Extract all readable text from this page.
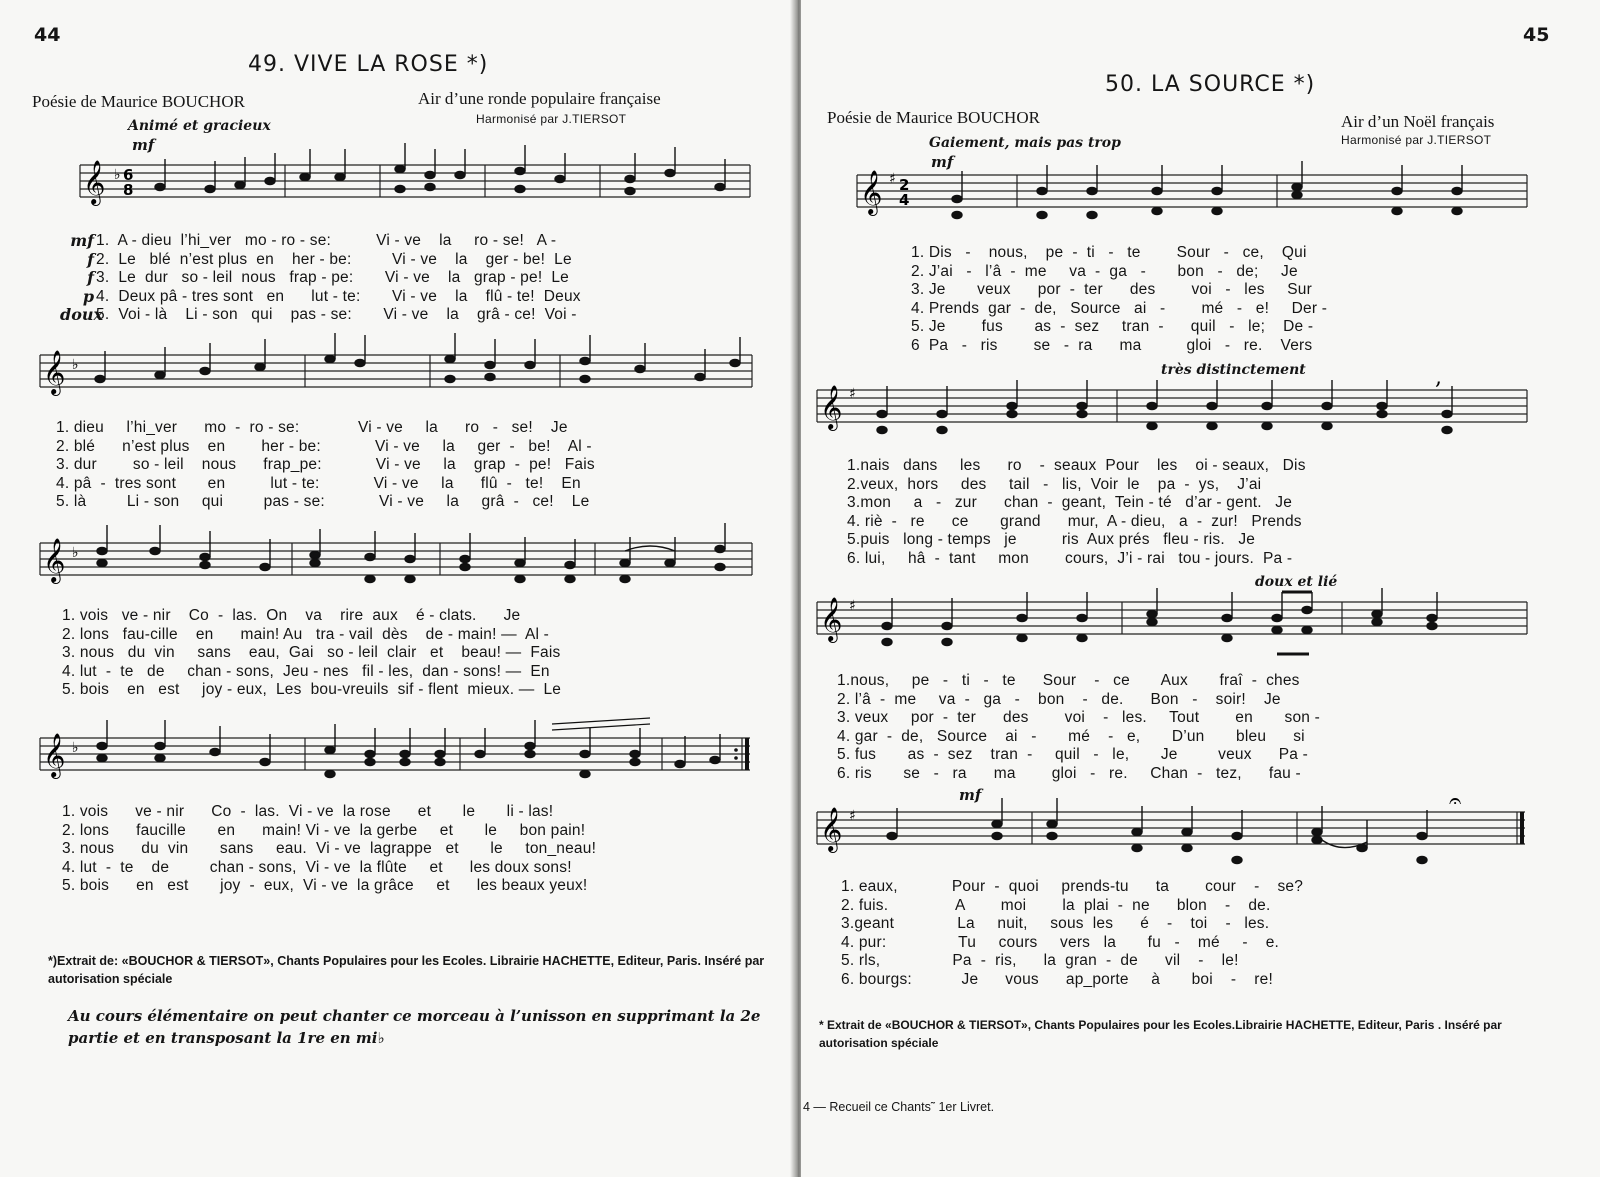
44
49. VIVE LA ROSE *)
Poésie de Maurice BOUCHOR	Air d’une ronde populaire française
Harmonisé par J.TIERSOT
Animé et gracieux
mf
𝄞 ♭ 6
8
mf
f
f
p
doux
1.  A - dieu  l’hi_ver   mo - ro - se:          Vi - ve    la     ro - se!   A -
2.  Le   blé  n’est plus  en    her - be:         Vi - ve    la    ger - be!  Le
3.  Le  dur   so - leil  nous   frap - pe:       Vi - ve    la   grap - pe!  Le
4.  Deux pâ - tres sont   en      lut - te:       Vi - ve    la    flû - te!  Deux
5.  Voi - là    Li - son   qui    pas - se:       Vi - ve    la    grâ - ce!  Voi -
𝄞 ♭
1. dieu     l’hi_ver      mo  -  ro - se:             Vi - ve     la      ro   -   se!    Je
2. blé      n’est plus    en        her - be:            Vi - ve     la     ger  -   be!    Al -
3. dur        so - leil    nous      frap_pe:            Vi - ve     la    grap  -  pe!   Fais
4. pâ  -  tres sont       en          lut - te:            Vi - ve     la      flû  -   te!    En
5. là         Li - son     qui         pas - se:            Vi - ve     la     grâ  -   ce!    Le
𝄞 ♭
1. vois   ve - nir    Co  -  las.  On    va    rire  aux    é - clats.      Je
2. lons   fau-cille    en      main! Au   tra - vail  dès    de - main! —  Al -
3. nous   du  vin     sans    eau,  Gai   so - leil  clair   et    beau! —  Fais
4. lut  -  te   de     chan - sons,  Jeu - nes   fil - les,  dan - sons! —  En
5. bois    en   est     joy - eux,  Les  bou-vreuils  sif - flent  mieux. —  Le
𝄞 ♭
1. vois      ve - nir      Co  -  las.  Vi - ve  la rose      et       le       li - las!
2. lons      faucille       en      main! Vi - ve  la gerbe     et       le     bon pain!
3. nous      du  vin       sans     eau.  Vi - ve  lagrappe   et       le     ton_neau!
4. lut  -  te    de         chan - sons,  Vi - ve  la flûte     et      les doux sons!
5. bois      en   est       joy  -  eux,  Vi - ve  la grâce     et      les beaux yeux!
*)Extrait de: «BOUCHOR & TIERSOT», Chants Populaires pour les Ecoles. Librairie HACHETTE, Editeur, Paris. Inséré par autorisation spéciale
Au cours élémentaire on peut chanter ce morceau à l’unisson en supprimant la 2e partie et en transposant la 1re en mi♭
45
50. LA SOURCE *)
Poésie de Maurice BOUCHOR	Air d’un Noël français
Harmonisé par J.TIERSOT
Gaiement, mais pas trop
mf
𝄞 ♯ 2
4
1. Dis   -    nous,    pe  -  ti   -   te        Sour   -   ce,    Qui
2. J’ai   -   l’â  -  me     va  -  ga   -       bon   -   de;     Je
3. Je       veux      por  -  ter      des        voi   -   les     Sur
4. Prends  gar  -  de,   Source   ai   -        mé   -   e!     Der -
5. Je        fus       as  -  sez     tran  -      quil   -   le;    De -
6  Pa   -   ris        se   -  ra      ma          gloi   -   re.    Vers
très distinctement
𝄞 ♯
,
1.nais   dans     les      ro    -  seaux  Pour    les    oi - seaux,   Dis
2.veux,  hors     des     tail   -   lis,  Voir  le    pa  -  ys,    J’ai
3.mon     a   -   zur      chan  -  geant,  Tein - té   d’ar - gent.   Je
4. riè  -   re      ce       grand      mur,  A - dieu,   a  -  zur!   Prends
5.puis   long - temps   je          ris  Aux prés   fleu - ris.   Je
6. lui,     hâ  -  tant     mon        cours,  J’i - rai   tou - jours.  Pa -
doux et lié
𝄞 ♯
1.nous,     pe   -   ti   -   te      Sour    -   ce       Aux       fraî  -  ches
2. l’â  -  me     va  -   ga   -    bon    -   de.      Bon   -    soir!    Je
3. veux     por  -  ter      des        voi    -   les.     Tout        en       son -
4. gar  -  de,   Source    ai   -       mé    -   e,       D’un       bleu      si
5. fus       as  -  sez    tran  -     quil   -   le,       Je         veux      Pa -
6. ris       se   -   ra      ma        gloi   -   re.     Chan  -   tez,      fau -
mf
𝄞 ♯
𝄐
1. eaux,            Pour  -  quoi     prends-tu      ta        cour    -    se?
2. fuis.               A        moi        la  plai  -  ne      blon    -    de.
3.geant              La     nuit,     sous  les      é    -    toi    -   les.
4. pur:                Tu     cours     vers   la       fu   -    mé     -    e.
5. rls,                Pa  -  ris,      la  gran  -  de      vil    -    le!
6. bourgs:           Je      vous      ap_porte     à       boi    -    re!
* Extrait de «BOUCHOR & TIERSOT», Chants Populaires pour les Ecoles.Librairie HACHETTE, Editeur, Paris . Inséré par autorisation spéciale
4 — Recueil ce Chants˜ 1er Livret.
